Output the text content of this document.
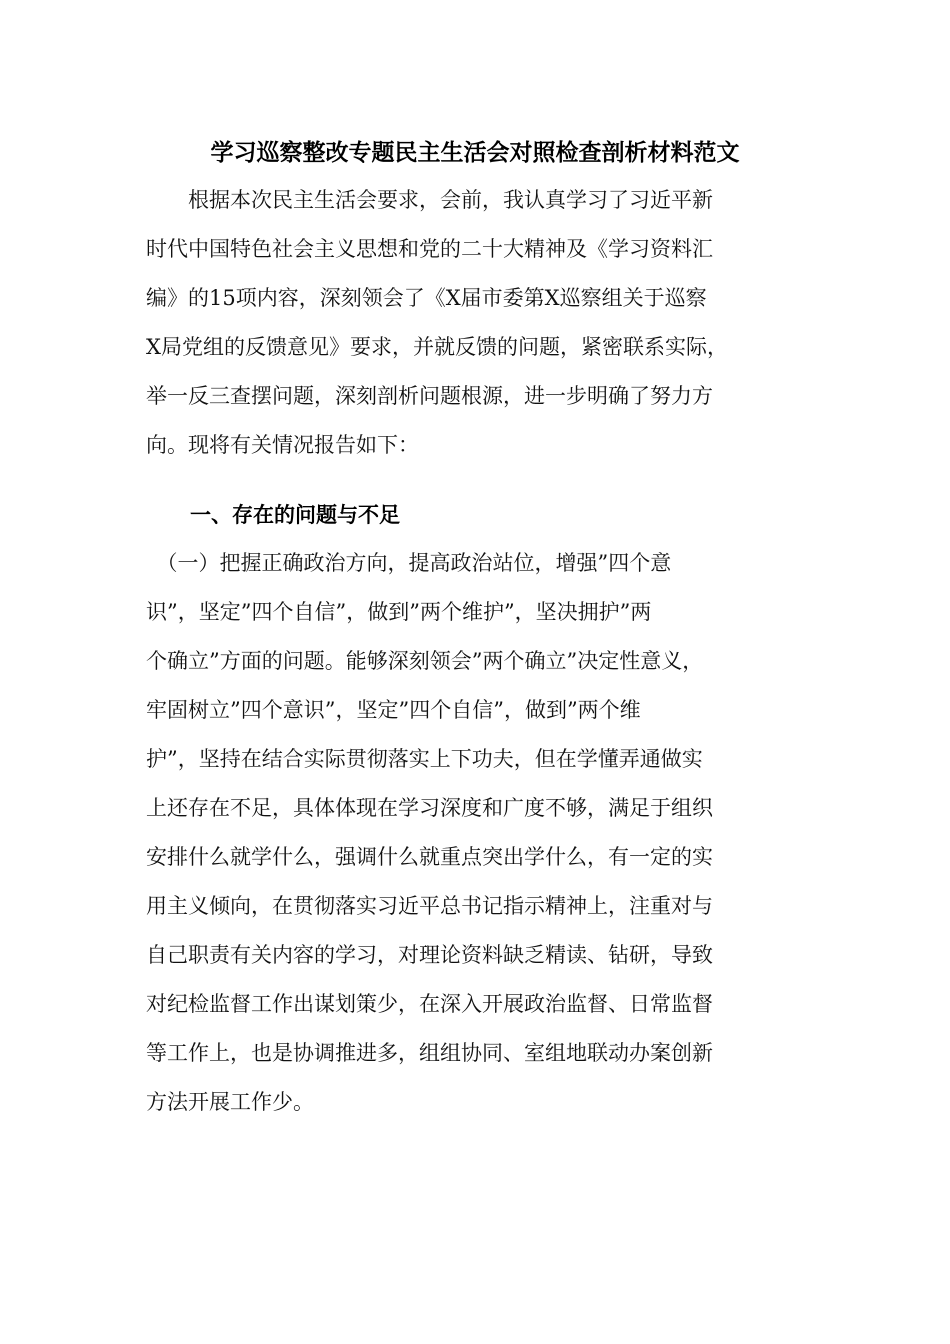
学习巡察整改专题民主生活会对照检查剖析材料范文
　　根据本次民主生活会要求，会前，我认真学习了习近平新
时代中国特色社会主义思想和党的二十大精神及《学习资料汇
编》的15项内容，深刻领会了《X届市委第X巡察组关于巡察
X局党组的反馈意见》要求，并就反馈的问题，紧密联系实际，
举一反三查摆问题，深刻剖析问题根源，进一步明确了努力方
向。现将有关情况报告如下：
一、存在的问题与不足
　（一）把握正确政治方向，提高政治站位，增强”四个意
识”，坚定”四个自信”，做到”两个维护”，坚决拥护”两
个确立”方面的问题。能够深刻领会”两个确立”决定性意义，
牢固树立”四个意识”，坚定”四个自信”，做到”两个维
护”，坚持在结合实际贯彻落实上下功夫，但在学懂弄通做实
上还存在不足，具体体现在学习深度和广度不够，满足于组织
安排什么就学什么，强调什么就重点突出学什么，有一定的实
用主义倾向，在贯彻落实习近平总书记指示精神上，注重对与
自己职责有关内容的学习，对理论资料缺乏精读、钻研，导致
对纪检监督工作出谋划策少，在深入开展政治监督、日常监督
等工作上，也是协调推进多，组组协同、室组地联动办案创新
方法开展工作少。
